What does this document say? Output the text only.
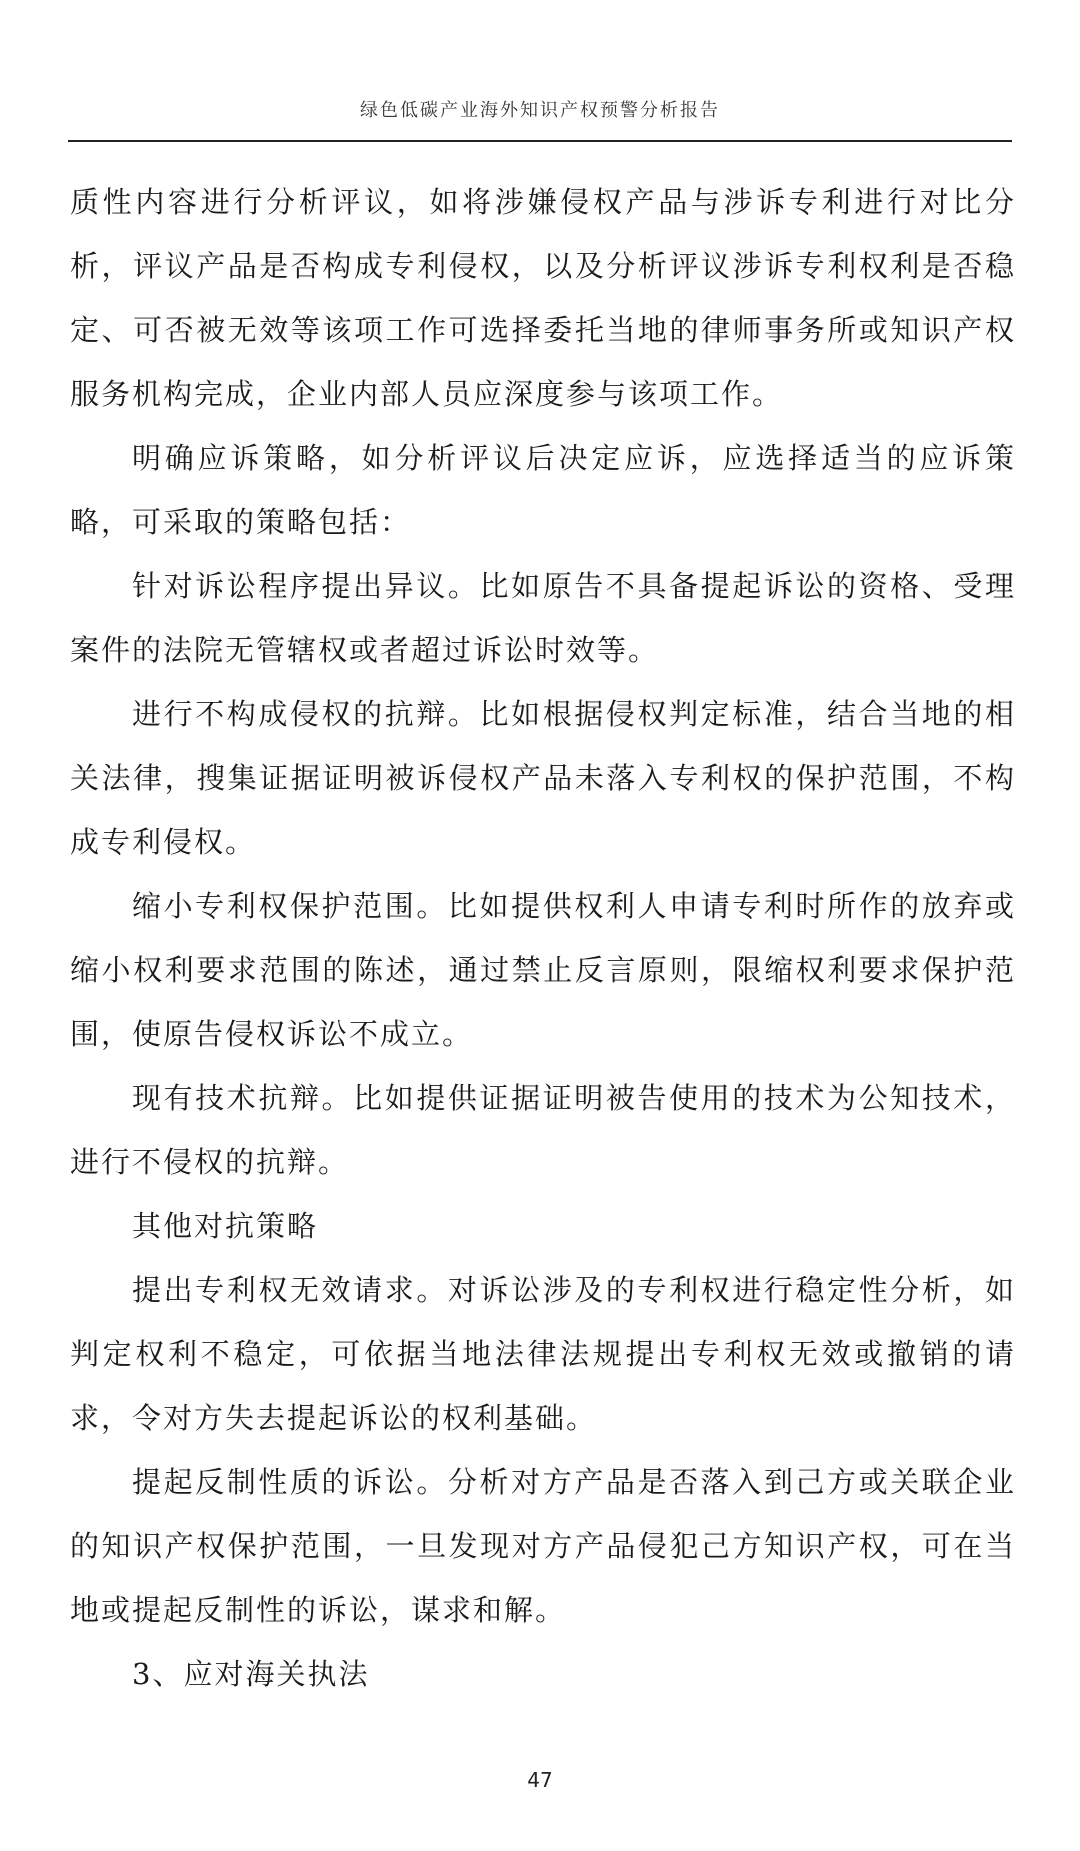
绿色低碳产业海外知识产权预警分析报告

质性内容进行分析评议，如将涉嫌侵权产品与涉诉专利进行对比分析，评议产品是否构成专利侵权，以及分析评议涉诉专利权利是否稳定、可否被无效等该项工作可选择委托当地的律师事务所或知识产权服务机构完成，企业内部人员应深度参与该项工作。

明确应诉策略，如分析评议后决定应诉，应选择适当的应诉策略，可采取的策略包括：

针对诉讼程序提出异议。比如原告不具备提起诉讼的资格、受理案件的法院无管辖权或者超过诉讼时效等。

进行不构成侵权的抗辩。比如根据侵权判定标准，结合当地的相关法律，搜集证据证明被诉侵权产品未落入专利权的保护范围，不构成专利侵权。

缩小专利权保护范围。比如提供权利人申请专利时所作的放弃或缩小权利要求范围的陈述，通过禁止反言原则，限缩权利要求保护范围，使原告侵权诉讼不成立。

现有技术抗辩。比如提供证据证明被告使用的技术为公知技术，进行不侵权的抗辩。

其他对抗策略

提出专利权无效请求。对诉讼涉及的专利权进行稳定性分析，如判定权利不稳定，可依据当地法律法规提出专利权无效或撤销的请求，令对方失去提起诉讼的权利基础。

提起反制性质的诉讼。分析对方产品是否落入到己方或关联企业的知识产权保护范围，一旦发现对方产品侵犯己方知识产权，可在当地或提起反制性的诉讼，谋求和解。

3、应对海关执法

47
